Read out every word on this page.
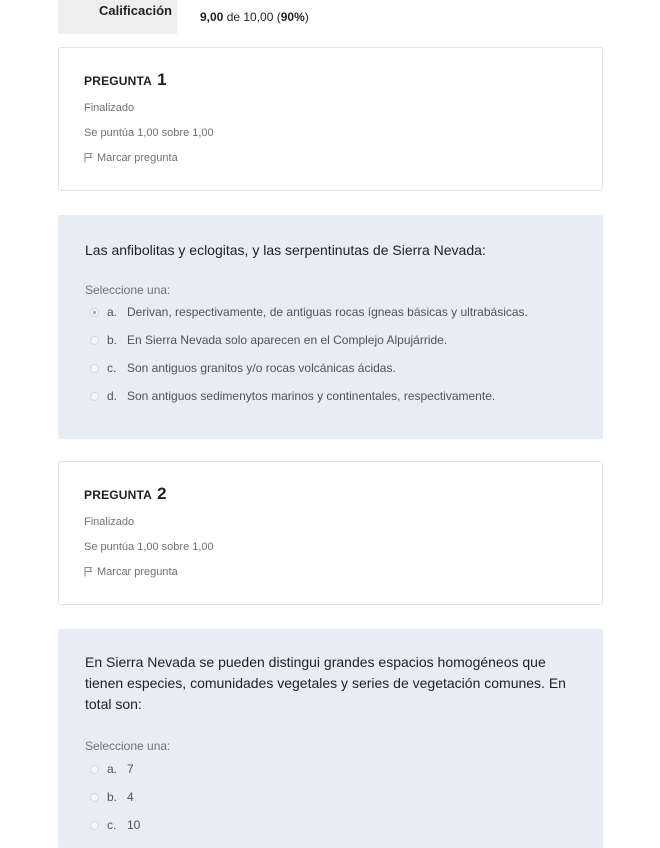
Calificación	9,00 de 10,00 (90%)
PREGUNTA 1
Finalizado
Se puntúa 1,00 sobre 1,00
Marcar pregunta
Las anfibolitas y eclogitas, y las serpentinutas de Sierra Nevada:
Seleccione una:
a. Derivan, respectivamente, de antiguas rocas ígneas básicas y ultrabásicas.
b. En Sierra Nevada solo aparecen en el Complejo Alpujárride.
c. Son antiguos granitos y/o rocas volcánicas ácidas.
d. Son antiguos sedimenytos marinos y continentales, respectivamente.
PREGUNTA 2
Finalizado
Se puntúa 1,00 sobre 1,00
Marcar pregunta
En Sierra Nevada se pueden distingui grandes espacios homogéneos que tienen especies, comunidades vegetales y series de vegetación comunes. En total son:
Seleccione una:
a. 7
b. 4
c. 10
